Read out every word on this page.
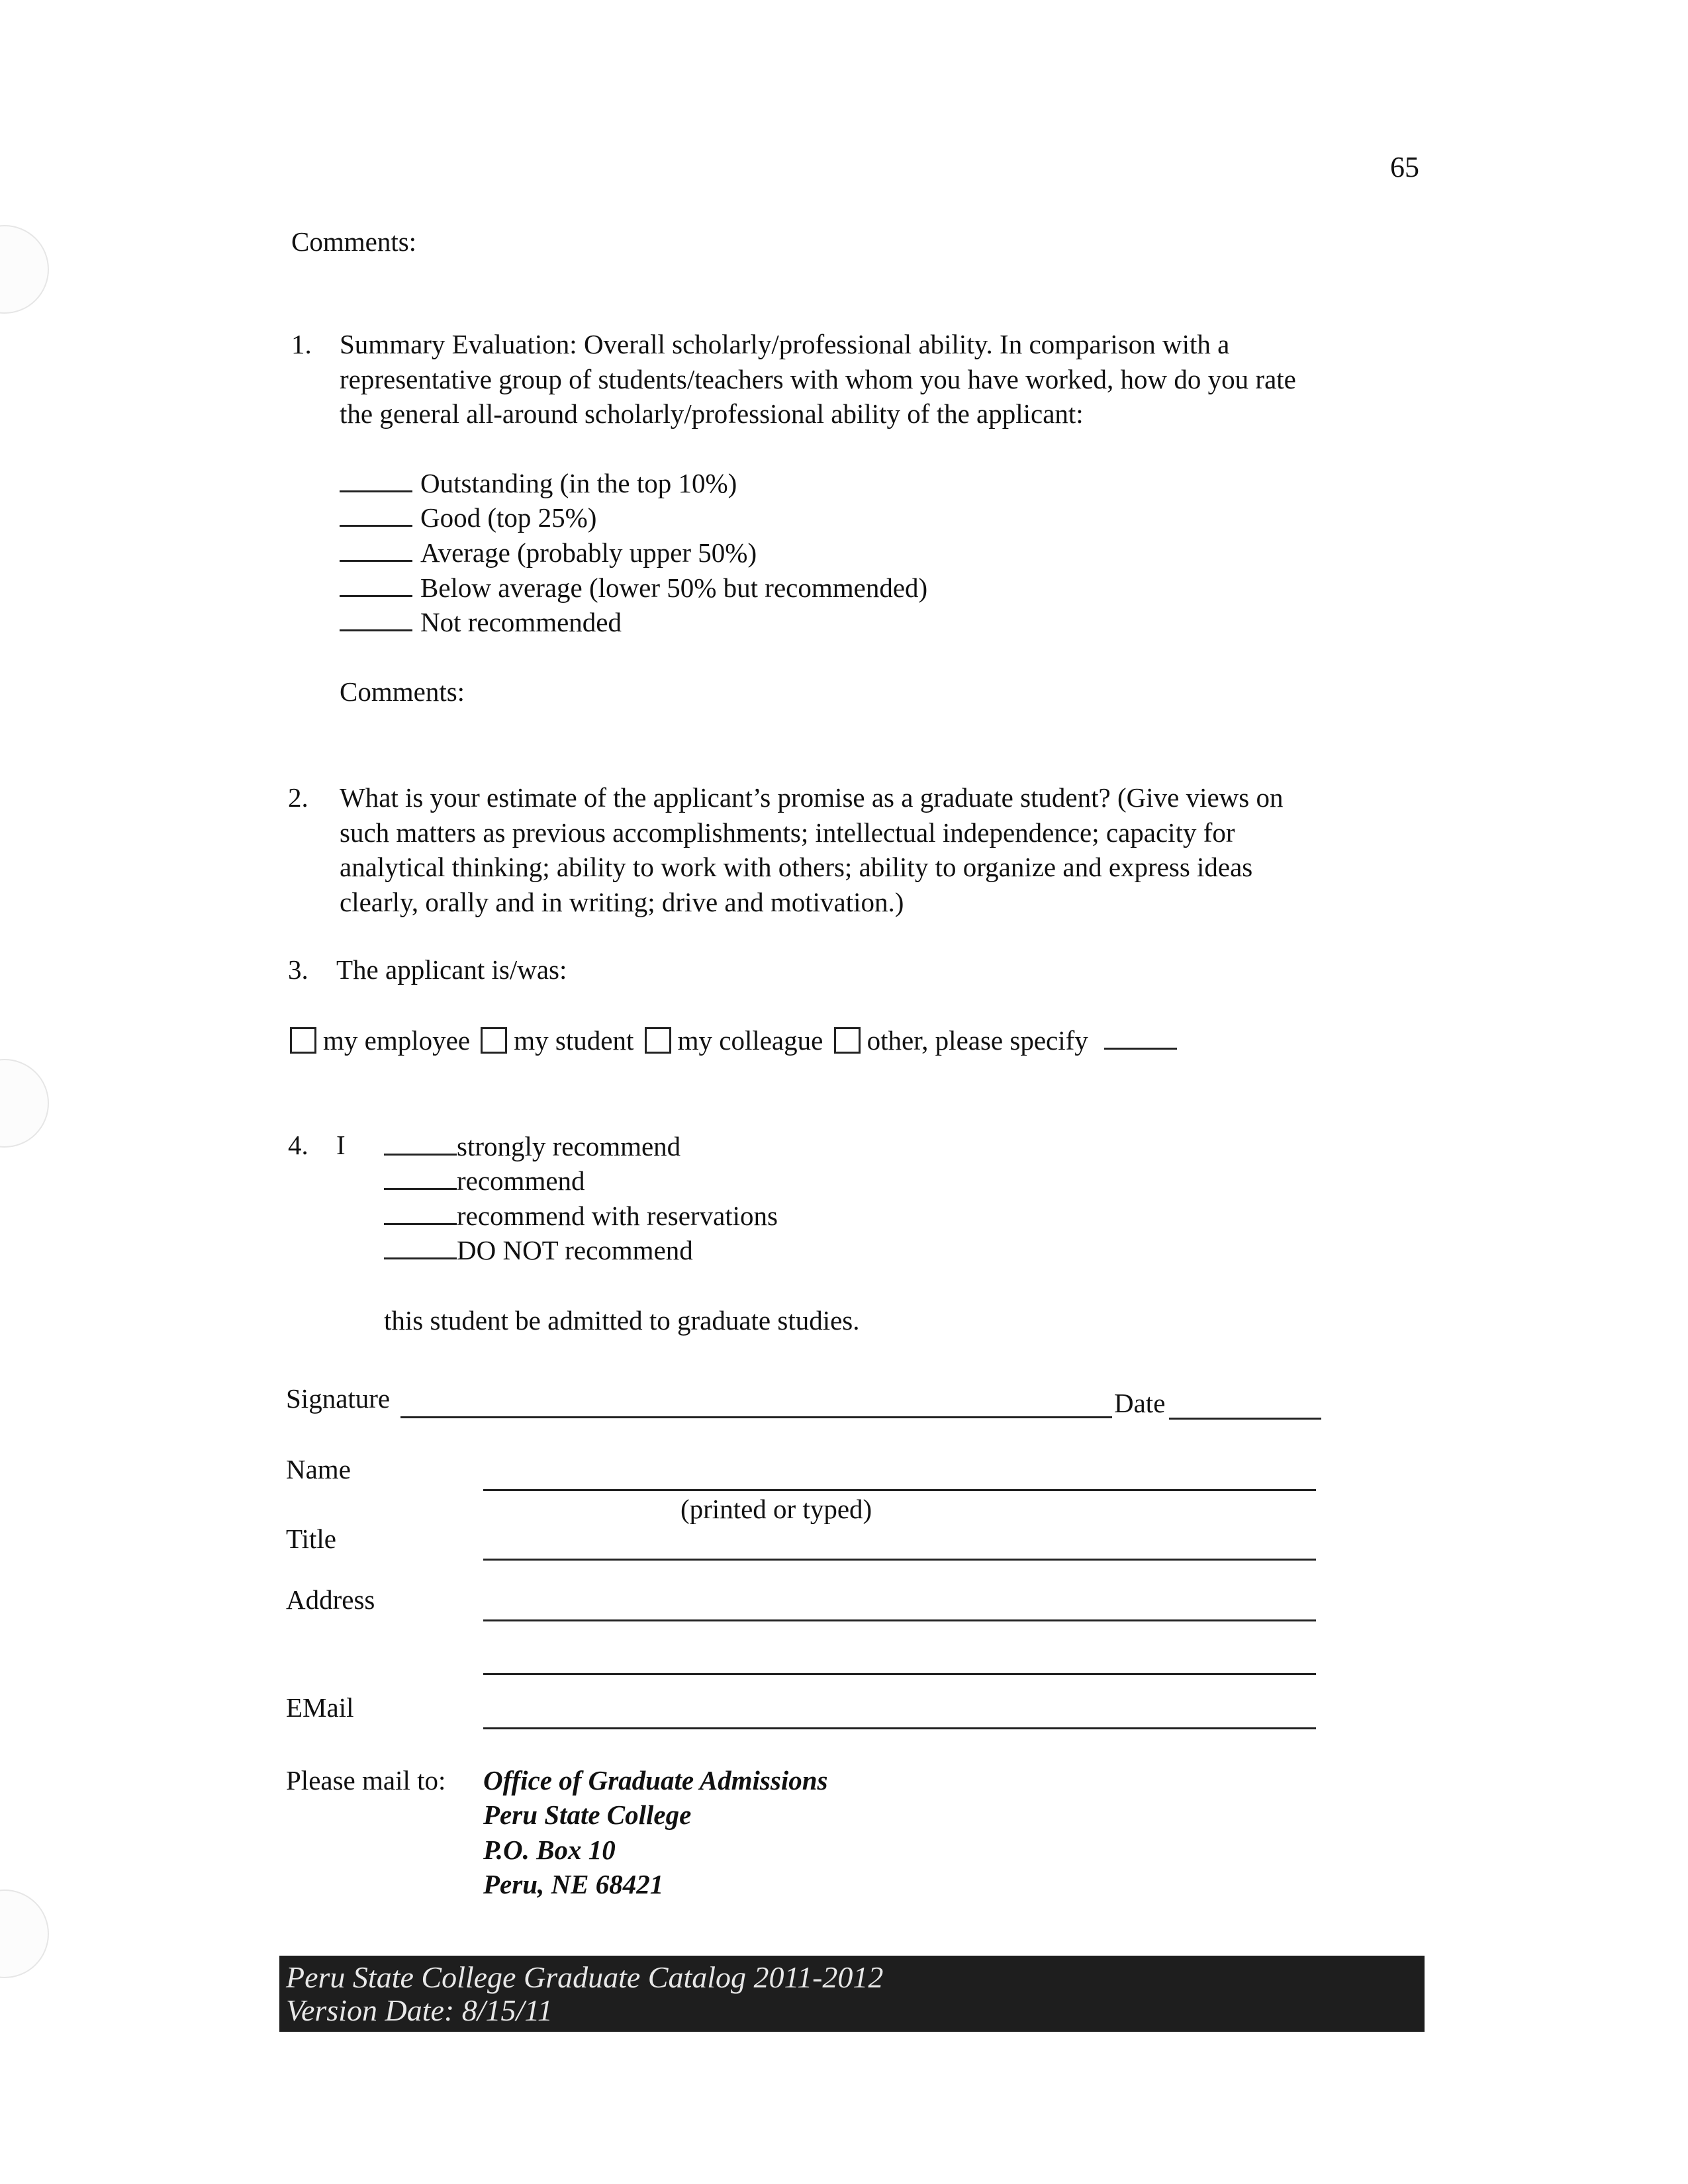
65
Comments:
1. Summary Evaluation: Overall scholarly/professional ability. In comparison with a
representative group of students/teachers with whom you have worked, how do you rate
the general all-around scholarly/professional ability of the applicant:
Outstanding (in the top 10%)
Good (top 25%)
Average (probably upper 50%)
Below average (lower 50% but recommended)
Not recommended
Comments:
2. What is your estimate of the applicant’s promise as a graduate student? (Give views on
such matters as previous accomplishments; intellectual independence; capacity for
analytical thinking; ability to work with others; ability to organize and express ideas
clearly, orally and in writing; drive and motivation.)
3. The applicant is/was:
my employee my student my colleague other, please specify
4. I	strongly recommend
recommend
recommend with reservations
DO NOT recommend
this student be admitted to graduate studies.
Signature	Date
Name
(printed or typed)
Title
Address
EMail
Please mail to: Office of Graduate Admissions
Peru State College
P.O. Box 10
Peru, NE 68421
Peru State College Graduate Catalog 2011-2012
Version Date: 8/15/11
